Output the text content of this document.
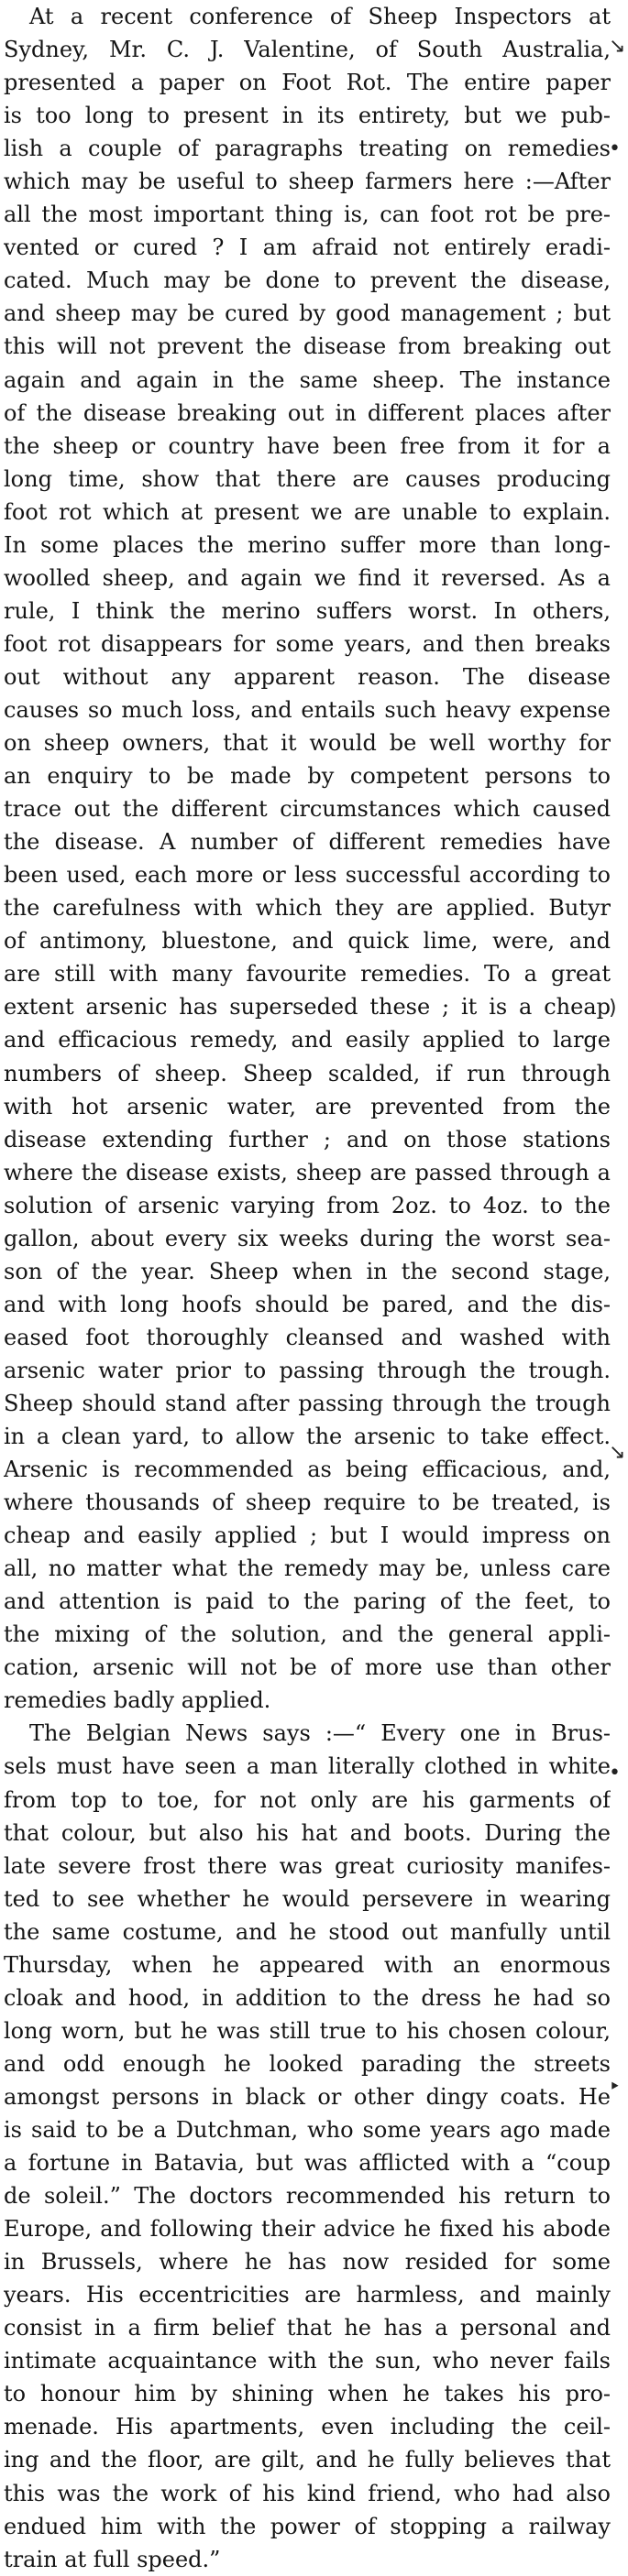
At a recent conference of Sheep Inspectors at
Sydney, Mr. C. J. Valentine, of South Australia,
presented a paper on Foot Rot. The entire paper
is too long to present in its entirety, but we pub-
lish a couple of paragraphs treating on remedies
which may be useful to sheep farmers here :—After
all the most important thing is, can foot rot be pre-
vented or cured ? I am afraid not entirely eradi-
cated. Much may be done to prevent the disease,
and sheep may be cured by good management ; but
this will not prevent the disease from breaking out
again and again in the same sheep. The instance
of the disease breaking out in different places after
the sheep or country have been free from it for a
long time, show that there are causes producing
foot rot which at present we are unable to explain.
In some places the merino suffer more than long-
woolled sheep, and again we find it reversed. As a
rule, I think the merino suffers worst. In others,
foot rot disappears for some years, and then breaks
out without any apparent reason. The disease
causes so much loss, and entails such heavy expense
on sheep owners, that it would be well worthy for
an enquiry to be made by competent persons to
trace out the different circumstances which caused
the disease. A number of different remedies have
been used, each more or less successful according to
the carefulness with which they are applied. Butyr
of antimony, bluestone, and quick lime, were, and
are still with many favourite remedies. To a great
extent arsenic has superseded these ; it is a cheap
and efficacious remedy, and easily applied to large
numbers of sheep. Sheep scalded, if run through
with hot arsenic water, are prevented from the
disease extending further ; and on those stations
where the disease exists, sheep are passed through a
solution of arsenic varying from 2oz. to 4oz. to the
gallon, about every six weeks during the worst sea-
son of the year. Sheep when in the second stage,
and with long hoofs should be pared, and the dis-
eased foot thoroughly cleansed and washed with
arsenic water prior to passing through the trough.
Sheep should stand after passing through the trough
in a clean yard, to allow the arsenic to take effect.
Arsenic is recommended as being efficacious, and,
where thousands of sheep require to be treated, is
cheap and easily applied ; but I would impress on
all, no matter what the remedy may be, unless care
and attention is paid to the paring of the feet, to
the mixing of the solution, and the general appli-
cation, arsenic will not be of more use than other
remedies badly applied.
The Belgian News says :—“ Every one in Brus-
sels must have seen a man literally clothed in white
from top to toe, for not only are his garments of
that colour, but also his hat and boots. During the
late severe frost there was great curiosity manifes-
ted to see whether he would persevere in wearing
the same costume, and he stood out manfully until
Thursday, when he appeared with an enormous
cloak and hood, in addition to the dress he had so
long worn, but he was still true to his chosen colour,
and odd enough he looked parading the streets
amongst persons in black or other dingy coats. He
is said to be a Dutchman, who some years ago made
a fortune in Batavia, but was afflicted with a “coup
de soleil.” The doctors recommended his return to
Europe, and following their advice he fixed his abode
in Brussels, where he has now resided for some
years. His eccentricities are harmless, and mainly
consist in a firm belief that he has a personal and
intimate acquaintance with the sun, who never fails
to honour him by shining when he takes his pro-
menade. His apartments, even including the ceil-
ing and the floor, are gilt, and he fully believes that
this was the work of his kind friend, who had also
endued him with the power of stopping a railway
train at full speed.”
↘
•
)
↘
•
‣
